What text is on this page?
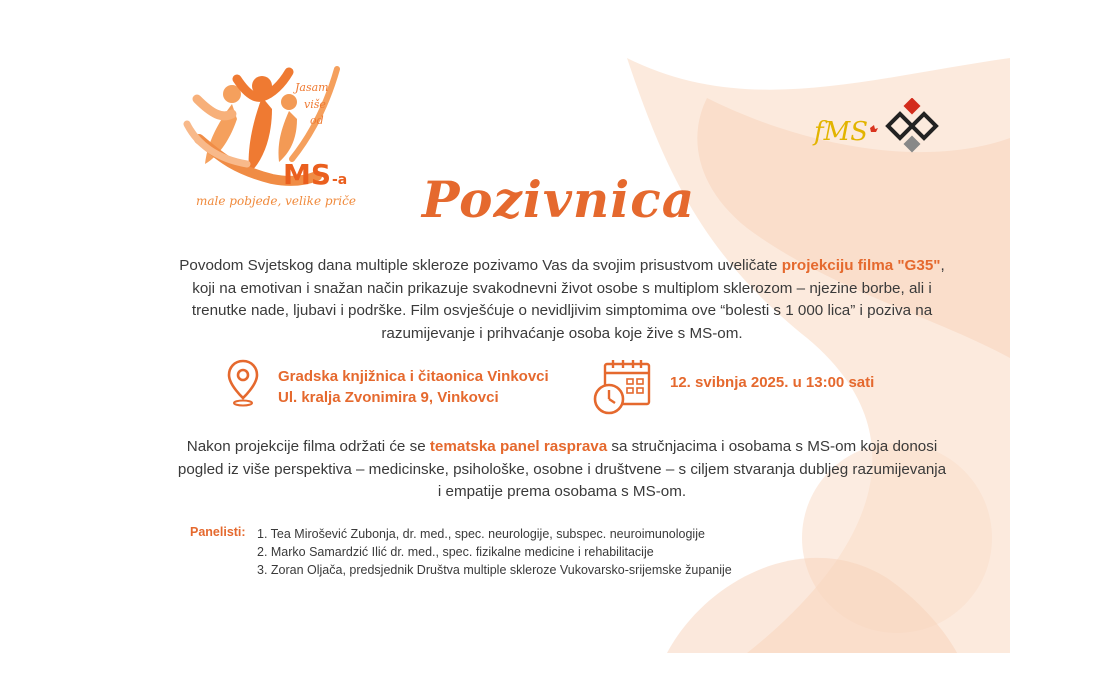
Jasam
više
od
MS -a
male pobjede, velike priče
fMS
Pozivnica
Povodom Svjetskog dana multiple skleroze pozivamo Vas da svojim prisustvom uveličate projekciju filma "G35", koji na emotivan i snažan način prikazuje svakodnevni život osobe s multiplom sklerozom – njezine borbe, ali i trenutke nade, ljubavi i podrške. Film osvješćuje o nevidljivim simptomima ove “bolesti s 1 000 lica” i poziva na razumijevanje i prihvaćanje osoba koje žive s MS-om.
Gradska knjižnica i čitaonica Vinkovci
Ul. kralja Zvonimira 9, Vinkovci
12. svibnja 2025. u 13:00 sati
Nakon projekcije filma održati će se tematska panel rasprava sa stručnjacima i osobama s MS-om koja donosi pogled iz više perspektiva – medicinske, psihološke, osobne i društvene – s ciljem stvaranja dubljeg razumijevanja i empatije prema osobama s MS-om.
Panelisti: 1. Tea Mirošević Zubonja, dr. med., spec. neurologije, subspec. neuroimunologije
2. Marko Samardzić Ilić dr. med., spec. fizikalne medicine i rehabilitacije
3. Zoran Oljača, predsjednik Društva multiple skleroze Vukovarsko-srijemske županije
